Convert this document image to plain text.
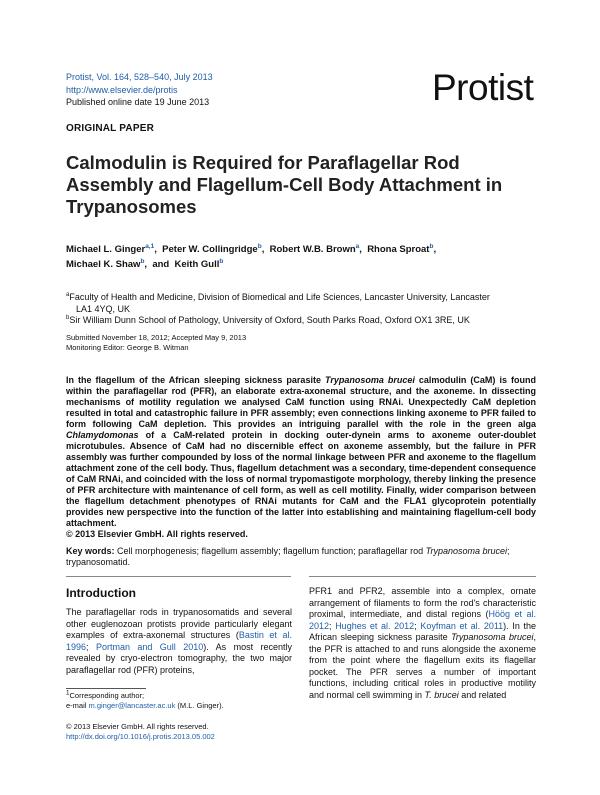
Protist, Vol. 164, 528–540, July 2013
http://www.elsevier.de/protis
Published online date 19 June 2013	Protist
ORIGINAL PAPER
Calmodulin is Required for Paraflagellar Rod Assembly and Flagellum-Cell Body Attachment in Trypanosomes
Michael L. Ginger$^{a,1}$,  Peter W. Collingridge$^b$,  Robert W.B. Brown$^a$,  Rhona Sproat$^b$,
Michael K. Shaw$^b$,  and Keith Gull$^b$
$^a$Faculty of Health and Medicine, Division of Biomedical and Life Sciences, Lancaster University, Lancaster
LA1 4YQ, UK
$^b$Sir William Dunn School of Pathology, University of Oxford, South Parks Road, Oxford OX1 3RE, UK
Submitted November 18, 2012; Accepted May 9, 2013
Monitoring Editor: George B. Witman
In the flagellum of the African sleeping sickness parasite Trypanosoma brucei calmodulin (CaM) is found within the paraflagellar rod (PFR), an elaborate extra-axonemal structure, and the axoneme. In dissecting mechanisms of motility regulation we analysed CaM function using RNAi. Unexpectedly CaM depletion resulted in total and catastrophic failure in PFR assembly; even connections linking axoneme to PFR failed to form following CaM depletion. This provides an intriguing parallel with the role in the green alga Chlamydomonas of a CaM-related protein in docking outer-dynein arms to axoneme outer-doublet microtubules. Absence of CaM had no discernible effect on axoneme assembly, but the failure in PFR assembly was further compounded by loss of the normal linkage between PFR and axoneme to the flagellum attachment zone of the cell body. Thus, flagellum detachment was a secondary, time-dependent consequence of CaM RNAi, and coincided with the loss of normal trypomastigote morphology, thereby linking the presence of PFR architecture with maintenance of cell form, as well as cell motility. Finally, wider comparison between the flagellum detachment phenotypes of RNAi mutants for CaM and the FLA1 glycoprotein potentially provides new perspective into the function of the latter into establishing and maintaining flagellum-cell body attachment.
© 2013 Elsevier GmbH. All rights reserved.
Key words: Cell morphogenesis; flagellum assembly; flagellum function; paraflagellar rod Trypanosoma brucei; trypanosomatid.
Introduction
The paraflagellar rods in trypanosomatids and several other euglenozoan protists provide particularly elegant examples of extra-axonemal structures (Bastin et al. 1996; Portman and Gull 2010). As most recently revealed by cryo-electron tomography, the two major paraflagellar rod (PFR) proteins,
PFR1 and PFR2, assemble into a complex, ornate arrangement of filaments to form the rod's characteristic proximal, intermediate, and distal regions (Höög et al. 2012; Hughes et al. 2012; Koyfman et al. 2011). In the African sleeping sickness parasite Trypanosoma brucei, the PFR is attached to and runs alongside the axoneme from the point where the flagellum exits its flagellar pocket. The PFR serves a number of important functions, including critical roles in productive motility and normal cell swimming in T. brucei and related
$^1$Corresponding author;
e-mail m.ginger@lancaster.ac.uk (M.L. Ginger).
© 2013 Elsevier GmbH. All rights reserved.
http://dx.doi.org/10.1016/j.protis.2013.05.002
